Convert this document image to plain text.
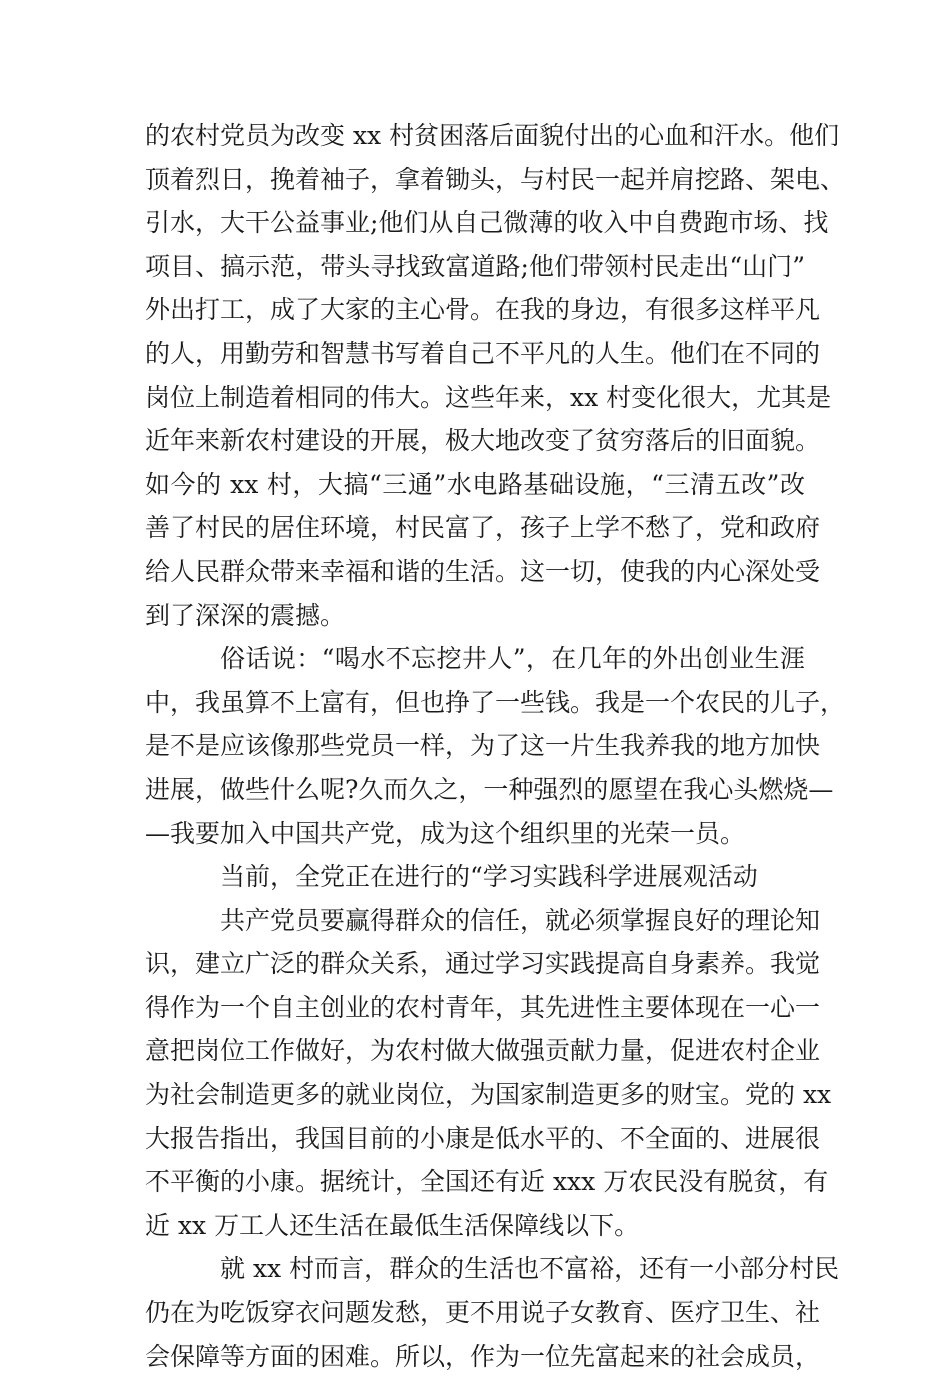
的农村党员为改变 xx 村贫困落后面貌付出的心血和汗水。他们
顶着烈日，挽着袖子，拿着锄头，与村民一起并肩挖路、架电、
引水，大干公益事业;他们从自己微薄的收入中自费跑市场、找
项目、搞示范，带头寻找致富道路;他们带领村民走出“山门”
外出打工，成了大家的主心骨。在我的身边，有很多这样平凡
的人，用勤劳和智慧书写着自己不平凡的人生。他们在不同的
岗位上制造着相同的伟大。这些年来，xx 村变化很大，尤其是
近年来新农村建设的开展，极大地改变了贫穷落后的旧面貌。
如今的 xx 村，大搞“三通”水电路基础设施，“三清五改”改
善了村民的居住环境，村民富了，孩子上学不愁了，党和政府
给人民群众带来幸福和谐的生活。这一切，使我的内心深处受
到了深深的震撼。
俗话说：“喝水不忘挖井人”，在几年的外出创业生涯
中，我虽算不上富有，但也挣了一些钱。我是一个农民的儿子，
是不是应该像那些党员一样，为了这一片生我养我的地方加快
进展，做些什么呢?久而久之，一种强烈的愿望在我心头燃烧—
—我要加入中国共产党，成为这个组织里的光荣一员。
当前，全党正在进行的“学习实践科学进展观活动
共产党员要赢得群众的信任，就必须掌握良好的理论知
识，建立广泛的群众关系，通过学习实践提高自身素养。我觉
得作为一个自主创业的农村青年，其先进性主要体现在一心一
意把岗位工作做好，为农村做大做强贡献力量，促进农村企业
为社会制造更多的就业岗位，为国家制造更多的财宝。党的 xx
大报告指出，我国目前的小康是低水平的、不全面的、进展很
不平衡的小康。据统计，全国还有近 xxx 万农民没有脱贫，有
近 xx 万工人还生活在最低生活保障线以下。
就 xx 村而言，群众的生活也不富裕，还有一小部分村民
仍在为吃饭穿衣问题发愁，更不用说子女教育、医疗卫生、社
会保障等方面的困难。所以，作为一位先富起来的社会成员，
